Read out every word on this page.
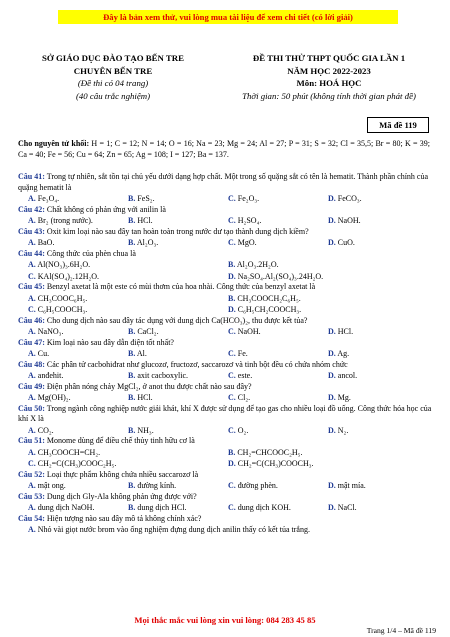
Đây là bản xem thử, vui lòng mua tài liệu để xem chi tiết (có lời giải)
SỞ GIÁO DỤC ĐÀO TẠO BẾN TRE
CHUYÊN BẾN TRE
(Đề thi có 04 trang)
(40 câu trắc nghiệm)
ĐỀ THI THỬ THPT QUỐC GIA LẦN 1
NĂM HỌC 2022-2023
Môn: HOÁ HỌC
Thời gian: 50 phút (không tính thời gian phát đề)
Mã đề 119
Cho nguyên tử khối: H = 1; C = 12; N = 14; O = 16; Na = 23; Mg = 24; Al = 27; P = 31; S = 32; Cl = 35,5; Br = 80; K = 39; Ca = 40; Fe = 56; Cu = 64; Zn = 65; Ag = 108; I = 127; Ba = 137.
Câu 41: Trong tự nhiên, sắt tồn tại chủ yếu dưới dạng hợp chất. Một trong số quặng sắt có tên là hematit. Thành phần chính của quặng hematit là
A. Fe₃O₄.	B. FeS₂.	C. Fe₂O₃.	D. FeCO₃.
Câu 42: Chất không có phản ứng với anilin là
A. Br₂ (trong nước).	B. HCl.	C. H₂SO₄.	D. NaOH.
Câu 43: Oxit kim loại nào sau đây tan hoàn toàn trong nước dư tạo thành dung dịch kiềm?
A. BaO.	B. Al₂O₃.	C. MgO.	D. CuO.
Câu 44: Công thức của phèn chua là
A. Al(NO₃)₃.6H₂O.	B. Al₂O₃.2H₂O.
C. KAl(SO₄)₂.12H₂O.	D. Na₂SO₄.Al₂(SO₄)₃.24H₂O.
Câu 45: Benzyl axetat là một este có mùi thơm của hoa nhài. Công thức của benzyl axetat là
A. CH₃COOC₆H₅.	B. CH₃COOCH₂C₆H₅.
C. C₆H₅COOCH₃.	D. C₆H₅CH₂COOCH₃.
Câu 46: Cho dung dịch nào sau đây tác dụng với dung dịch Ca(HCO₃)₂, thu được kết tủa?
A. NaNO₃.	B. CaCl₂.	C. NaOH.	D. HCl.
Câu 47: Kim loại nào sau đây dẫn điện tốt nhất?
A. Cu.	B. Al.	C. Fe.	D. Ag.
Câu 48: Các phân tử cacbohiđrat như glucozơ, fructozơ, saccarozơ và tinh bột đều có chứa nhóm chức
A. anđehit.	B. axit cacboxylic.	C. este.	D. ancol.
Câu 49: Điện phân nóng chảy MgCl₂, ở anot thu được chất nào sau đây?
A. Mg(OH)₂.	B. HCl.	C. Cl₂.	D. Mg.
Câu 50: Trong ngành công nghiệp nước giải khát, khí X được sử dụng để tạo gas cho nhiều loại đồ uống. Công thức hóa học của khí X là
A. CO₂.	B. NH₃.	C. O₂.	D. N₂.
Câu 51: Monome dùng để điều chế thủy tinh hữu cơ là
A. CH₃COOCH=CH₂.	B. CH₂=CHCOOC₂H₅.
C. CH₂=C(CH₃)COOC₂H₅.	D. CH₂=C(CH₃)COOCH₃.
Câu 52: Loại thực phẩm không chứa nhiều saccarozơ là
A. mật ong.	B. đường kính.	C. đường phèn.	D. mật mía.
Câu 53: Dung dịch Gly-Ala không phản ứng được với?
A. dung dịch NaOH.	B. dung dịch HCl.	C. dung dịch KOH.	D. NaCl.
Câu 54: Hiện tượng nào sau đây mô tả không chính xác?
A. Nhỏ vài giọt nước brom vào ống nghiệm đựng dung dịch anilin thấy có kết tủa trắng.
Mọi thắc mắc vui lòng xin vui lòng: 084 283 45 85
Trang 1/4 – Mã đề 119
